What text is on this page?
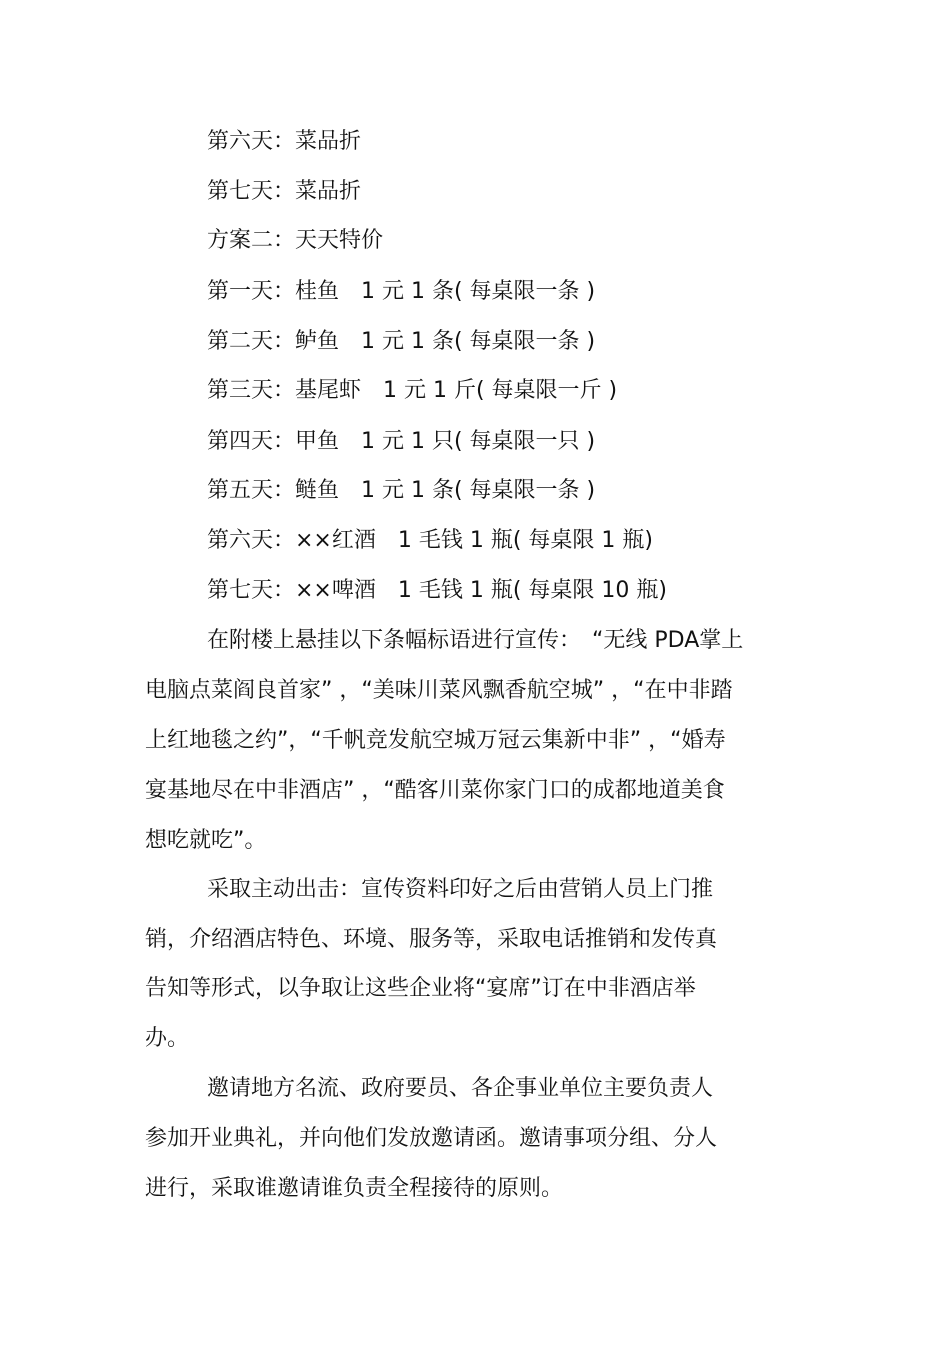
第六天：菜品折
第七天：菜品折
方案二：天天特价
第一天：桂鱼　1 元 1 条( 每桌限一条 )
第二天：鲈鱼　1 元 1 条( 每桌限一条 )
第三天：基尾虾　1 元 1 斤( 每桌限一斤 )
第四天：甲鱼　1 元 1 只( 每桌限一只 )
第五天：鲢鱼　1 元 1 条( 每桌限一条 )
第六天：××红酒　1 毛钱 1 瓶( 每桌限 1 瓶)
第七天：××啤酒　1 毛钱 1 瓶( 每桌限 10 瓶)
在附楼上悬挂以下条幅标语进行宣传：　“无线 PDA掌上
电脑点菜阎良首家” ，“美味川菜风飘香航空城” ，“在中非踏
上红地毯之约”，“千帆竞发航空城万冠云集新中非” ，“婚寿
宴基地尽在中非酒店” ，“酷客川菜你家门口的成都地道美食
想吃就吃”。
采取主动出击：宣传资料印好之后由营销人员上门推
销，介绍酒店特色、环境、服务等，采取电话推销和发传真
告知等形式，以争取让这些企业将“宴席”订在中非酒店举
办。
邀请地方名流、政府要员、各企事业单位主要负责人
参加开业典礼，并向他们发放邀请函。邀请事项分组、分人
进行，采取谁邀请谁负责全程接待的原则。
